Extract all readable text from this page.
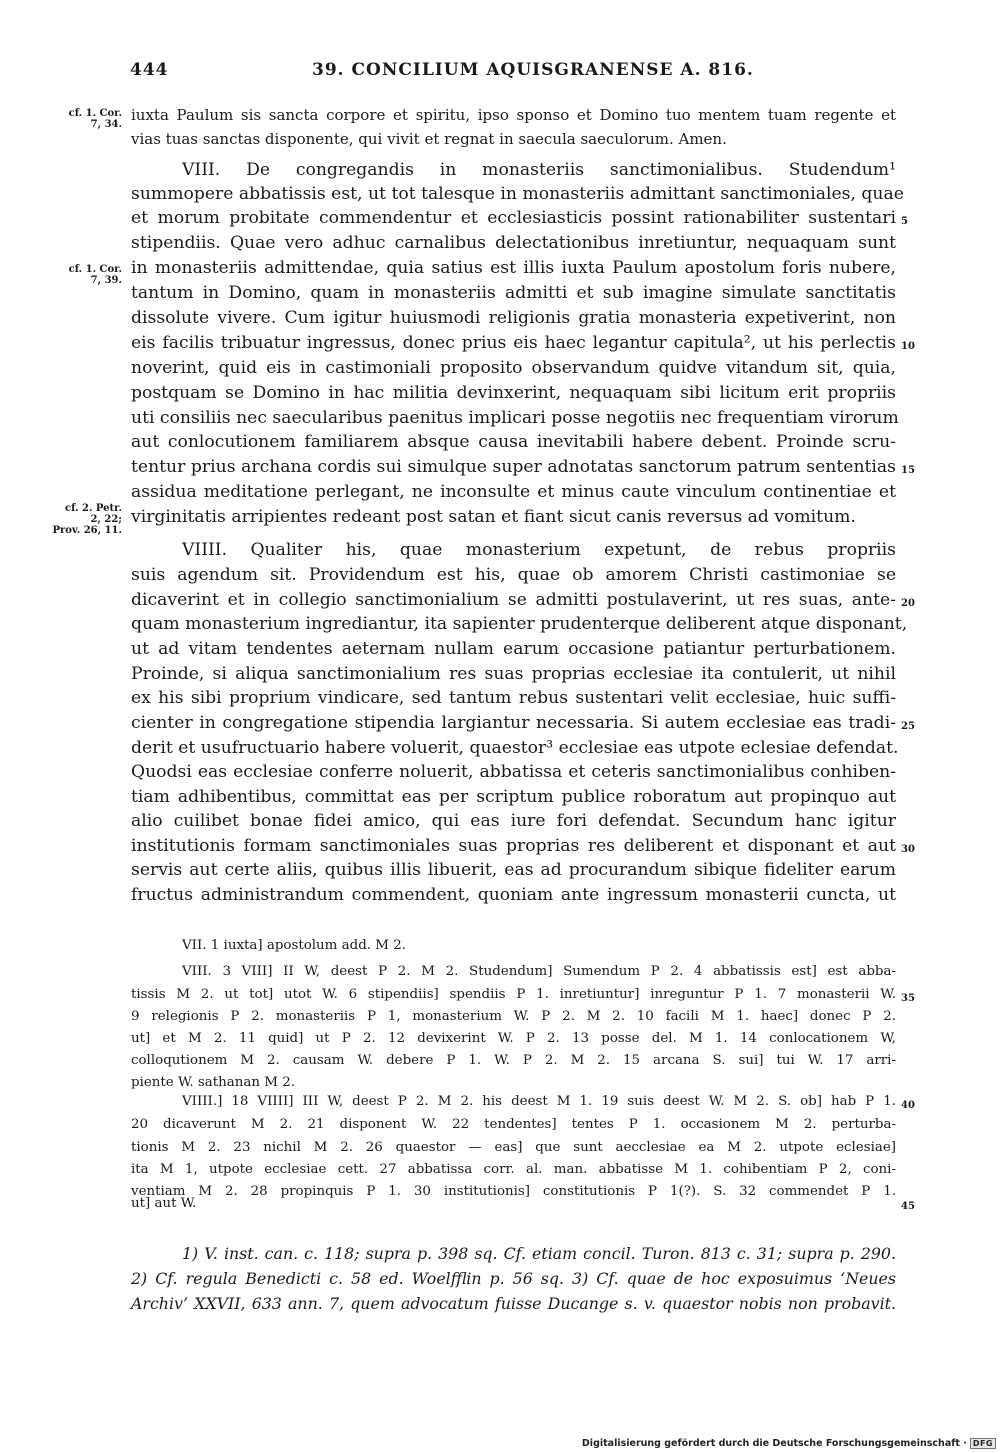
444	39. CONCILIUM AQUISGRANENSE A. 816.
cf. 1. Cor.
7, 34.
cf. 1. Cor.
7, 39.
cf. 2. Petr.
2, 22;
Prov. 26, 11.
iuxta Paulum sis sancta corpore et spiritu, ipso sponso et Domino tuo mentem tuam regente et
vias tuas sanctas disponente, qui vivit et regnat in saecula saeculorum. Amen.
VIII. De congregandis in monasteriis sanctimonialibus. Studendum¹
summopere abbatissis est, ut tot talesque in monasteriis admittant sanctimoniales, quae
et morum probitate commendentur et ecclesiasticis possint rationabiliter sustentari
stipendiis. Quae vero adhuc carnalibus delectationibus inretiuntur, nequaquam sunt
in monasteriis admittendae, quia satius est illis iuxta Paulum apostolum foris nubere,
tantum in Domino, quam in monasteriis admitti et sub imagine simulate sanctitatis
dissolute vivere. Cum igitur huiusmodi religionis gratia monasteria expetiverint, non
eis facilis tribuatur ingressus, donec prius eis haec legantur capitula², ut his perlectis
noverint, quid eis in castimoniali proposito observandum quidve vitandum sit, quia,
postquam se Domino in hac militia devinxerint, nequaquam sibi licitum erit propriis
uti consiliis nec saecularibus paenitus implicari posse negotiis nec frequentiam virorum
aut conlocutionem familiarem absque causa inevitabili habere debent. Proinde scru-
tentur prius archana cordis sui simulque super adnotatas sanctorum patrum sententias
assidua meditatione perlegant, ne inconsulte et minus caute vinculum continentiae et
virginitatis arripientes redeant post satan et fiant sicut canis reversus ad vomitum.
VIIII. Qualiter his, quae monasterium expetunt, de rebus propriis
suis agendum sit. Providendum est his, quae ob amorem Christi castimoniae se
dicaverint et in collegio sanctimonialium se admitti postulaverint, ut res suas, ante-
quam monasterium ingrediantur, ita sapienter prudenterque deliberent atque disponant,
ut ad vitam tendentes aeternam nullam earum occasione patiantur perturbationem.
Proinde, si aliqua sanctimonialium res suas proprias ecclesiae ita contulerit, ut nihil
ex his sibi proprium vindicare, sed tantum rebus sustentari velit ecclesiae, huic suffi-
cienter in congregatione stipendia largiantur necessaria. Si autem ecclesiae eas tradi-
derit et usufructuario habere voluerit, quaestor³ ecclesiae eas utpote eclesiae defendat.
Quodsi eas ecclesiae conferre noluerit, abbatissa et ceteris sanctimonialibus conhiben-
tiam adhibentibus, committat eas per scriptum publice roboratum aut propinquo aut
alio cuilibet bonae fidei amico, qui eas iure fori defendat. Secundum hanc igitur
institutionis formam sanctimoniales suas proprias res deliberent et disponant et aut
servis aut certe aliis, quibus illis libuerit, eas ad procurandum sibique fideliter earum
fructus administrandum commendent, quoniam ante ingressum monasterii cuncta, ut
5
10
15
20
25
30
35
40
45
VII. 1 iuxta] apostolum add. M 2.
VIII. 3 VIII] II W, deest P 2. M 2. Studendum] Sumendum P 2. 4 abbatissis est] est abba-
tissis M 2. ut tot] utot W. 6 stipendiis] spendiis P 1. inretiuntur] inreguntur P 1. 7 monasterii W.
9 relegionis P 2. monasteriis P 1, monasterium W. P 2. M 2. 10 facili M 1. haec] donec P 2.
ut] et M 2. 11 quid] ut P 2. 12 devixerint W. P 2. 13 posse del. M 1. 14 conlocationem W,
colloqutionem M 2. causam W. debere P 1. W. P 2. M 2. 15 arcana S. sui] tui W. 17 arri-
piente W. sathanan M 2.
VIIII.] 18 VIIII] III W, deest P 2. M 2. his deest M 1. 19 suis deest W. M 2. S. ob] hab P 1.
20 dicaverunt M 2. 21 disponent W. 22 tendentes] tentes P 1. occasionem M 2. perturba-
tionis M 2. 23 nichil M 2. 26 quaestor — eas] que sunt aecclesiae ea M 2. utpote eclesiae]
ita M 1, utpote ecclesiae cett. 27 abbatissa corr. al. man. abbatisse M 1. cohibentiam P 2, coni-
ventiam M 2. 28 propinquis P 1. 30 institutionis] constitutionis P 1(?). S. 32 commendet P 1.
ut] aut W.
1) V. inst. can. c. 118; supra p. 398 sq. Cf. etiam concil. Turon. 813 c. 31; supra p. 290.
2) Cf. regula Benedicti c. 58 ed. Woelfflin p. 56 sq. 3) Cf. quae de hoc exposuimus ‘Neues
Archiv’ XXVII, 633 ann. 7, quem advocatum fuisse Ducange s. v. quaestor nobis non probavit.
Digitalisierung gefördert durch die Deutsche Forschungsgemeinschaft · DFG
